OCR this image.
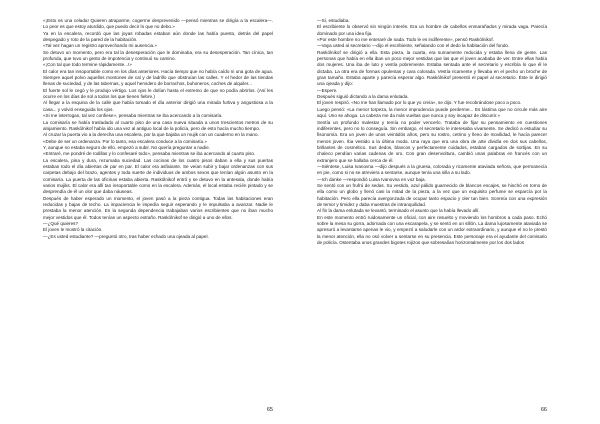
«¡Esto es una celada! Quieren atraparme, cogerme desprevenido —pensó mientras se dirigía a la escalera—. Lo peor es que estoy aturdido, que puedo decir lo que no debo.»

Ya en la escalera, recordó que las joyas robadas estaban aún donde las había puesto, detrás del papel despegado y roto de la pared de la habitación.

«Tal vez hagan un registro aprovechando mi ausencia.»

Se detuvo un momento, pero era tal la desesperación que le dominaba, era su desesperación. Tan cínica, tan profunda, que tuvo un gesto de impotencia y continuó su camino.

«¡Con tal que todo termine rápidamente...!»

El calor era tan insoportable como en los días anteriores. Hacía tiempo que no había caído ni una gota de agua. Siempre aquel polvo aquellos montones de cal y de ladrillo que obstruían las calles. Y el hedor de las tiendas llenas de suciedad, y de las tabernas, y aquel hervidero de borrachos, buhoneros, coches de alquiler...

El fuerte sol le cegó y le produjo vértigo. Los ojos le dolían hasta el extremo de que no podía abrirlos. (Así les ocurre en los días de sol a todos los que tienen fiebre.)

Al llegar a la esquina de la calle que había tomado el día anterior dirigió una mirada furtiva y angustiosa a la casa... y volvió enseguida los ojos.

«Si me interrogan, tal vez confiese», pensaba mientras se iba acercando a la comisaría.

La comisaría se había trasladado al cuarto piso de una casa nueva situada a unos trescientos metros de su alojamiento. Raskólnikof había ido una vez al antiguo local de la policía, pero de esto hacía mucho tiempo.

Al cruzar la puerta vio a la derecha una escalera, por la que bajaba un mujik con un cuaderno en la mano.

«Debe de ser un ordenanza. Por lo tanto, esa escalera conduce a la comisaría.»

Y, aunque no estaba seguro de ello, empezó a subir. No quería preguntar a nadie.

«Entraré, me pondré de rodillas y lo confesaré todo», pensaba mientras se iba acercando al cuarto piso.

La escalera, pina y dura, rezumaba suciedad. Las cocinas de los cuatro pisos daban a ella y sus puertas estaban todo el día abiertas de par en par. El calor era asfixiante. Se veían subir y bajar ordenanzas con sus carpetas debajo del brazo, agentes y toda suerte de individuos de ambos sexos que tenían algún asunto en la comisaría. La puerta de las oficinas estaba abierta. Raskólnikof entró y se detuvo en la antesala, donde había varios mujiks. El calor era allí tan insoportable como en la escalera. Además, el local estaba recién pintado y se desprendía de él un olor que daba náuseas.

Después de haber esperado un momento, el joven pasó a la pieza contigua. Todas las habitaciones eran reducidas y bajas de techo. La impaciencia le impedía seguir esperando y le impulsaba a avanzar. Nadie le prestaba la menor atención. En la segunda dependencia trabajaban varios escribientes que no iban mucho mejor vestidos que él. Todos tenían un aspecto extraño. Raskólnikof se dirigió a uno de ellos.

—¿Qué quieres?

El joven le mostró la citación.

—¿Es usted estudiante? —preguntó otro, tras haber echado una ojeada al papel.

65

—Sí, estudiaba.

El escribiente lo observó sin ningún interés. Era un hombre de cabellos enmarañados y mirada vaga. Parecía dominado por una idea fija.

«Por este hombre no me enteraré de nada. Todo le es indiferente», pensó Raskólnikof.

—Vaya usted al secretario —dijo el escribiente, señalando con el dedo la habitación del fondo.

Raskólnikof se dirigió a ella. Esta pieza, la cuarta, era sumamente reducida y estaba llena de gente. Las personas que había en ella iban un poco mejor vestidas que las que el joven acababa de ver. Entre ellas había dos mujeres. Una iba de luto y vestía pobremente. Estaba sentada ante el secretario y escribía lo que él le dictaba. La otra era de formas opulentas y cara colorada. Vestía ricamente y llevaba en el pecho un broche de gran tamaño. Estaba aparte y parecía esperar algo. Raskólnikof presentó el papel al secretario. Éste le dirigió una ojeada y dijo:

—Espere.

Después siguió dictando a la dama enlutada.

El joven respiró. «No me han llamado por lo que yo creía», se dijo. Y fue recobrándose poco a poco.

Luego pensó: «La menor torpeza, la menor imprudencia puede perderme... Es lástima que no circule más aire aquí. Uno se ahoga. La cabeza me da más vueltas que nunca y soy incapaz de discurrir.»

Sentía un profundo malestar y temía no poder vencerlo. Trataba de fijar su pensamiento en cuestiones indiferentes, pero no lo conseguía. Sin embargo, el secretario le interesaba vivamente. Se dedicó a estudiar su fisonomía. Era un joven de unos veintidós años, pero su rostro, cetrino y lleno de movilidad, le hacía parecer menos joven. Iba vestido a la última moda. Una raya que era una obra de arte dividía en dos sus cabellos, brillantes de cosmético. Sus dedos, blancos y perfectamente cuidados, estaban cargados de sortijas. En su chaleco pendían varias cadenas de oro. Con gran desenvoltura, cambió unas palabras en francés con un extranjero que se hallaba cerca de él.

—Siéntese, Luisa Ivanovna —dijo después a la gruesa, colorada y ricamente ataviada señora, que permanecía en pie, como si no se atreviera a sentarse, aunque tenía una silla a su lado.

—Ich danke —respondió Luisa Ivanovna en voz baja.

Se sentó con un frufrú de sedas. Su vestido, azul pálido guarnecido de blancos encajes, se hinchó en torno de ella como un globo y llenó casi la mitad de la pieza, a la vez que un exquisito perfume se esparcía por la habitación. Pero ella parecía avergonzada de ocupar tanto espacio y oler tan bien. Sonreía con una expresión de temor y timidez y daba muestras de intranquilidad.

Al fin la dama enlutada se levantó, terminado el asunto que la había llevado allí.

En este momento entró ruidosamente un oficial, con aire resuelto y moviendo los hombros a cada paso. Echó sobre la mesa su gorra, adornada con una escarapela, y se sentó en un sillón. La dama lujosamente ataviada se apresuró a levantarse apenas le vio, y empezó a saludarle con un ardor extraordinario, y aunque el no le prestó la menor atención, ella no osó volver a sentarse en su presencia. Este personaje era el ayudante del comisario de policía. Ostentaba unos grandes bigotes rojizos que sobresalían horizontalmente por los dos lados

66
